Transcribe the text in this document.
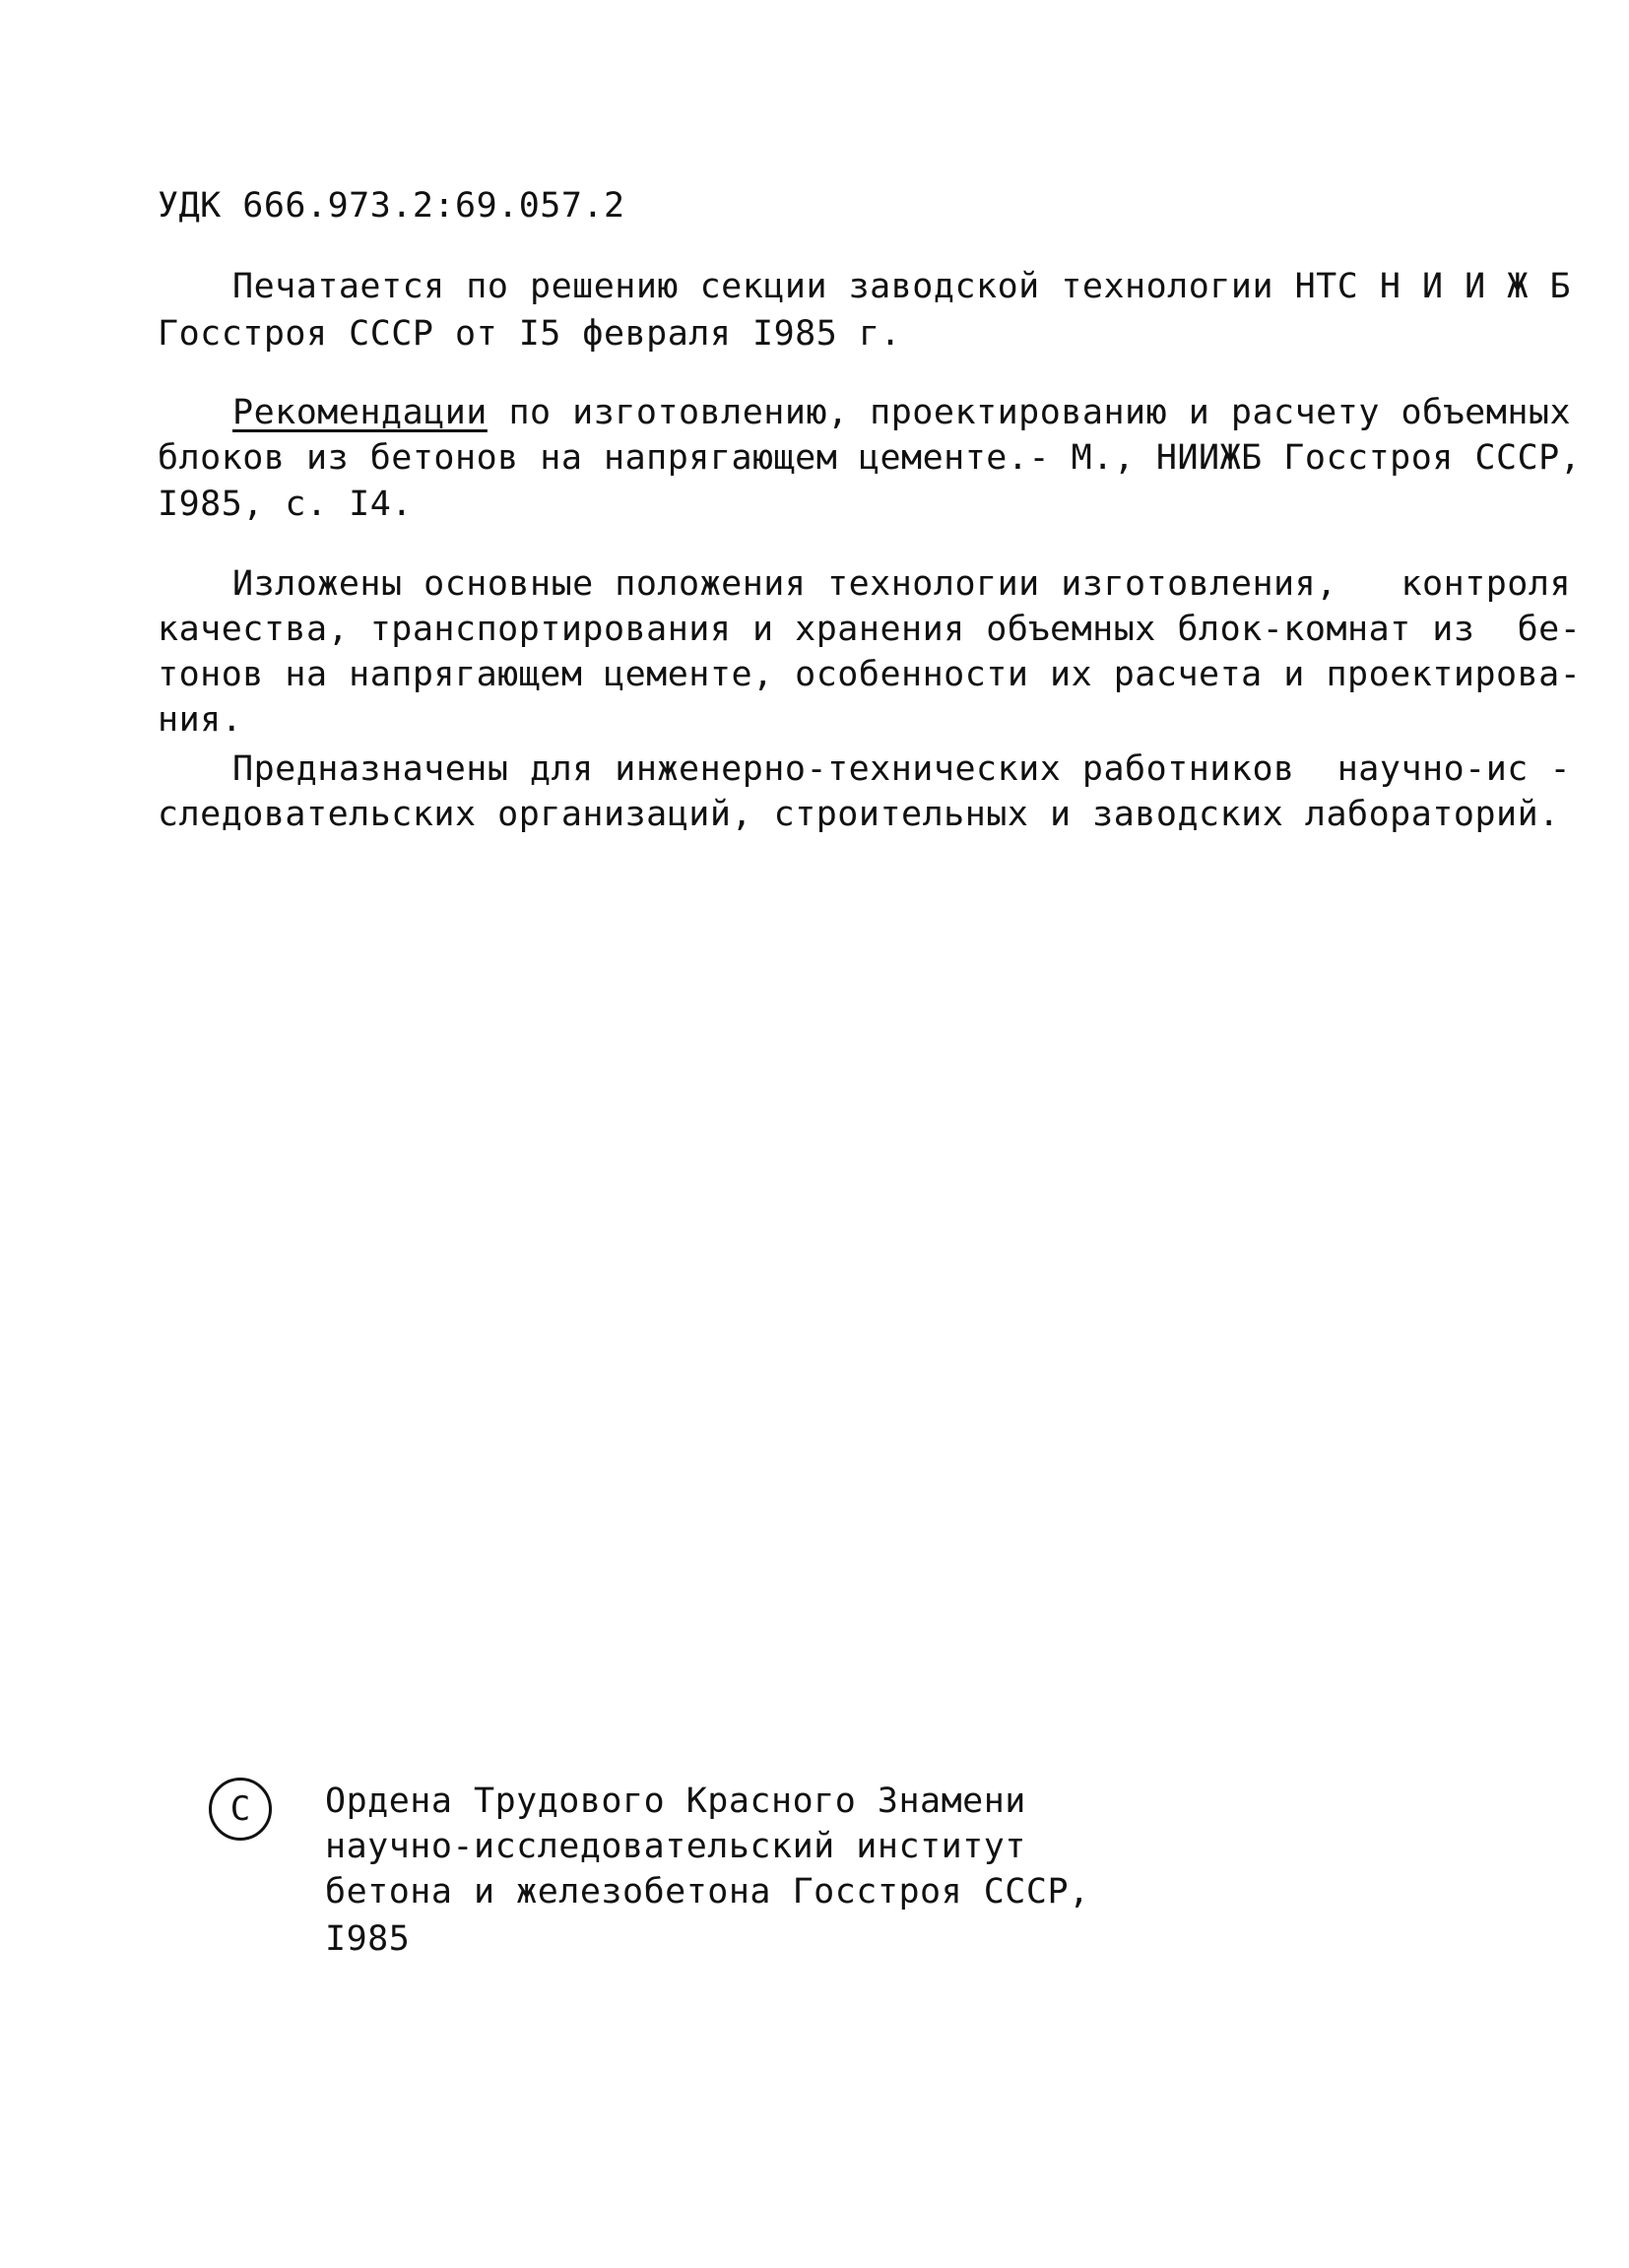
УДК 666.973.2:69.057.2
Печатается по решению секции заводской технологии НТС Н И И Ж Б
Госстроя СССР от I5 февраля I985 г.
Рекомендации по изготовлению, проектированию и расчету объемных
блоков из бетонов на напрягающем цементе.- М., НИИЖБ Госстроя СССР,
I985, с. I4.
Изложены основные положения технологии изготовления,   контроля
качества, транспортирования и хранения объемных блок-комнат из  бе-
тонов на напрягающем цементе, особенности их расчета и проектирова-
ния.
Предназначены для инженерно-технических работников  научно-ис -
следовательских организаций, строительных и заводских лабораторий.
C Ордена Трудового Красного Знамени
научно-исследовательский институт
бетона и железобетона Госстроя СССР,
I985
